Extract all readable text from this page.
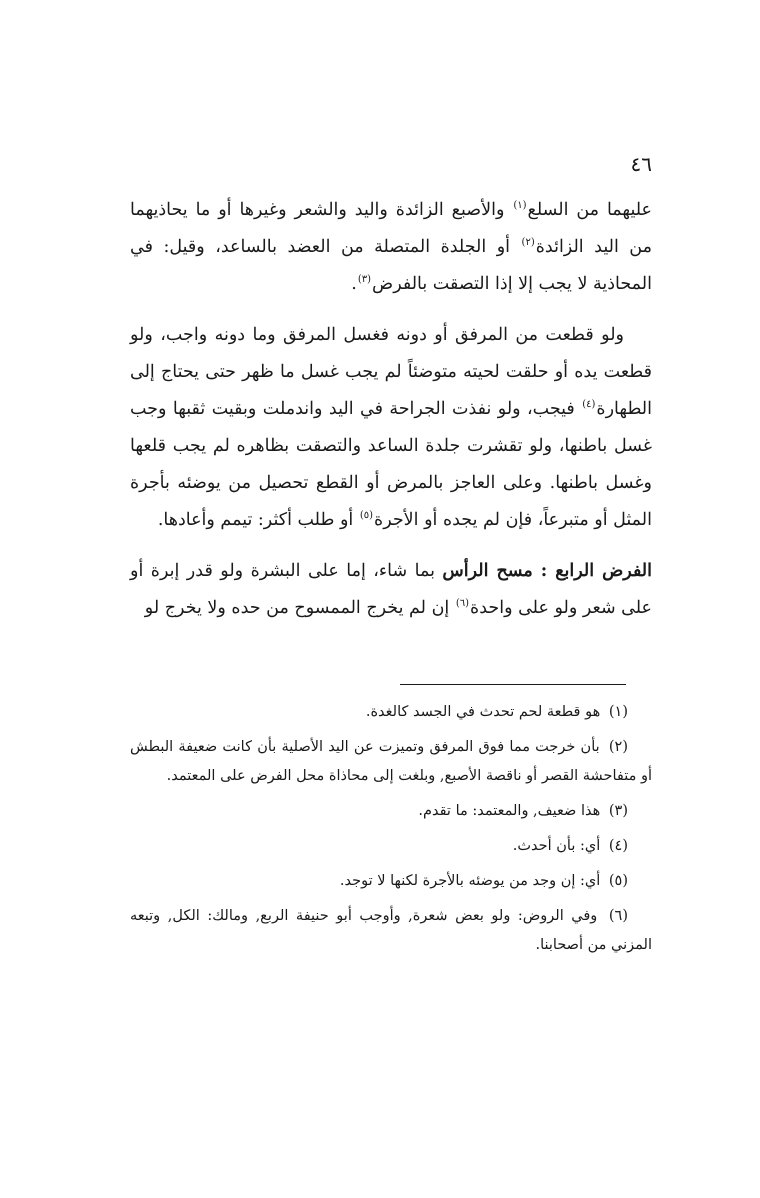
٤٦

عليهما من السلع$^{(١)}$ والأصبع الزائدة واليد والشعر وغيرها أو ما يحاذيهما من اليد الزائدة$^{(٢)}$ أو الجلدة المتصلة من العضد بالساعد، وقيل: في المحاذية لا يجب إلا إذا التصقت بالفرض$^{(٣)}$.

ولو قطعت من المرفق أو دونه فغسل المرفق وما دونه واجب، ولو قطعت يده أو حلقت لحيته متوضئاً لم يجب غسل ما ظهر حتى يحتاج إلى الطهارة$^{(٤)}$ فيجب، ولو نفذت الجراحة في اليد واندملت وبقيت ثقبها وجب غسل باطنها، ولو تقشرت جلدة الساعد والتصقت بظاهره لم يجب قلعها وغسل باطنها. وعلى العاجز بالمرض أو القطع تحصيل من يوضئه بأجرة المثل أو متبرعاً، فإن لم يجده أو الأجرة$^{(٥)}$ أو طلب أكثر: تيمم وأعادها.

الفرض الرابع : مسح الرأس بما شاء، إما على البشرة ولو قدر إبرة أو على شعر ولو على واحدة$^{(٦)}$ إن لم يخرج الممسوح من حده ولا يخرج لو

(١) هو قطعة لحم تحدث في الجسد كالغدة.

(٢) بأن خرجت مما فوق المرفق وتميزت عن اليد الأصلية بأن كانت ضعيفة البطش أو متفاحشة القصر أو ناقصة الأصبع, وبلغت إلى محاذاة محل الفرض على المعتمد.

(٣) هذا ضعيف, والمعتمد: ما تقدم.

(٤) أي: بأن أحدث.

(٥) أي: إن وجد من يوضئه بالأجرة لكنها لا توجد.

(٦) وفي الروض: ولو بعض شعرة, وأوجب أبو حنيفة الربع, ومالك: الكل, وتبعه المزني من أصحابنا.
